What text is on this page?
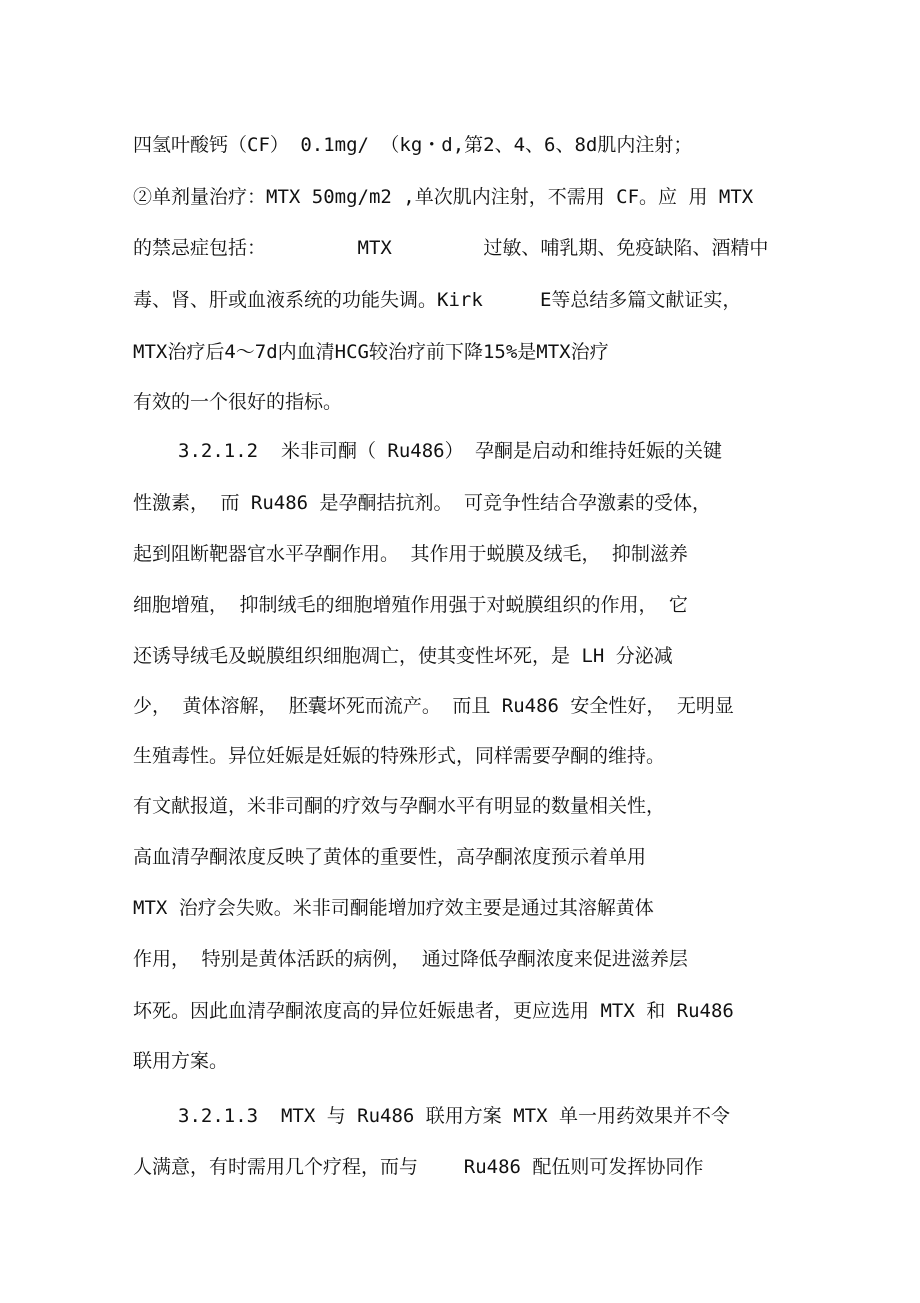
四氢叶酸钙（CF） 0.1mg/ （kg・d,第2、4、6、8d肌内注射；
②单剂量治疗：MTX 50mg/m2 ,单次肌内注射，不需用 CF。应 用 MTX
的禁忌症包括：        MTX        过敏、哺乳期、免疫缺陷、酒精中
毒、肾、肝或血液系统的功能失调。Kirk     E等总结多篇文献证实，
MTX治疗后4～7d内血清HCG较治疗前下降15%是MTX治疗
有效的一个很好的指标。
3.2.1.2  米非司酮（ Ru486） 孕酮是启动和维持妊娠的关键
性激素， 而 Ru486 是孕酮拮抗剂。 可竞争性结合孕激素的受体，
起到阻断靶器官水平孕酮作用。 其作用于蜕膜及绒毛， 抑制滋养
细胞增殖， 抑制绒毛的细胞增殖作用强于对蜕膜组织的作用， 它
还诱导绒毛及蜕膜组织细胞凋亡，使其变性坏死，是 LH 分泌减
少， 黄体溶解， 胚囊坏死而流产。 而且 Ru486 安全性好， 无明显
生殖毒性。异位妊娠是妊娠的特殊形式，同样需要孕酮的维持。
有文献报道，米非司酮的疗效与孕酮水平有明显的数量相关性，
高血清孕酮浓度反映了黄体的重要性，高孕酮浓度预示着单用
MTX 治疗会失败。米非司酮能增加疗效主要是通过其溶解黄体
作用， 特别是黄体活跃的病例， 通过降低孕酮浓度来促进滋养层
坏死。因此血清孕酮浓度高的异位妊娠患者，更应选用 MTX 和 Ru486
联用方案。
3.2.1.3  MTX 与 Ru486 联用方案 MTX 单一用药效果并不令
人满意，有时需用几个疗程，而与    Ru486 配伍则可发挥协同作
